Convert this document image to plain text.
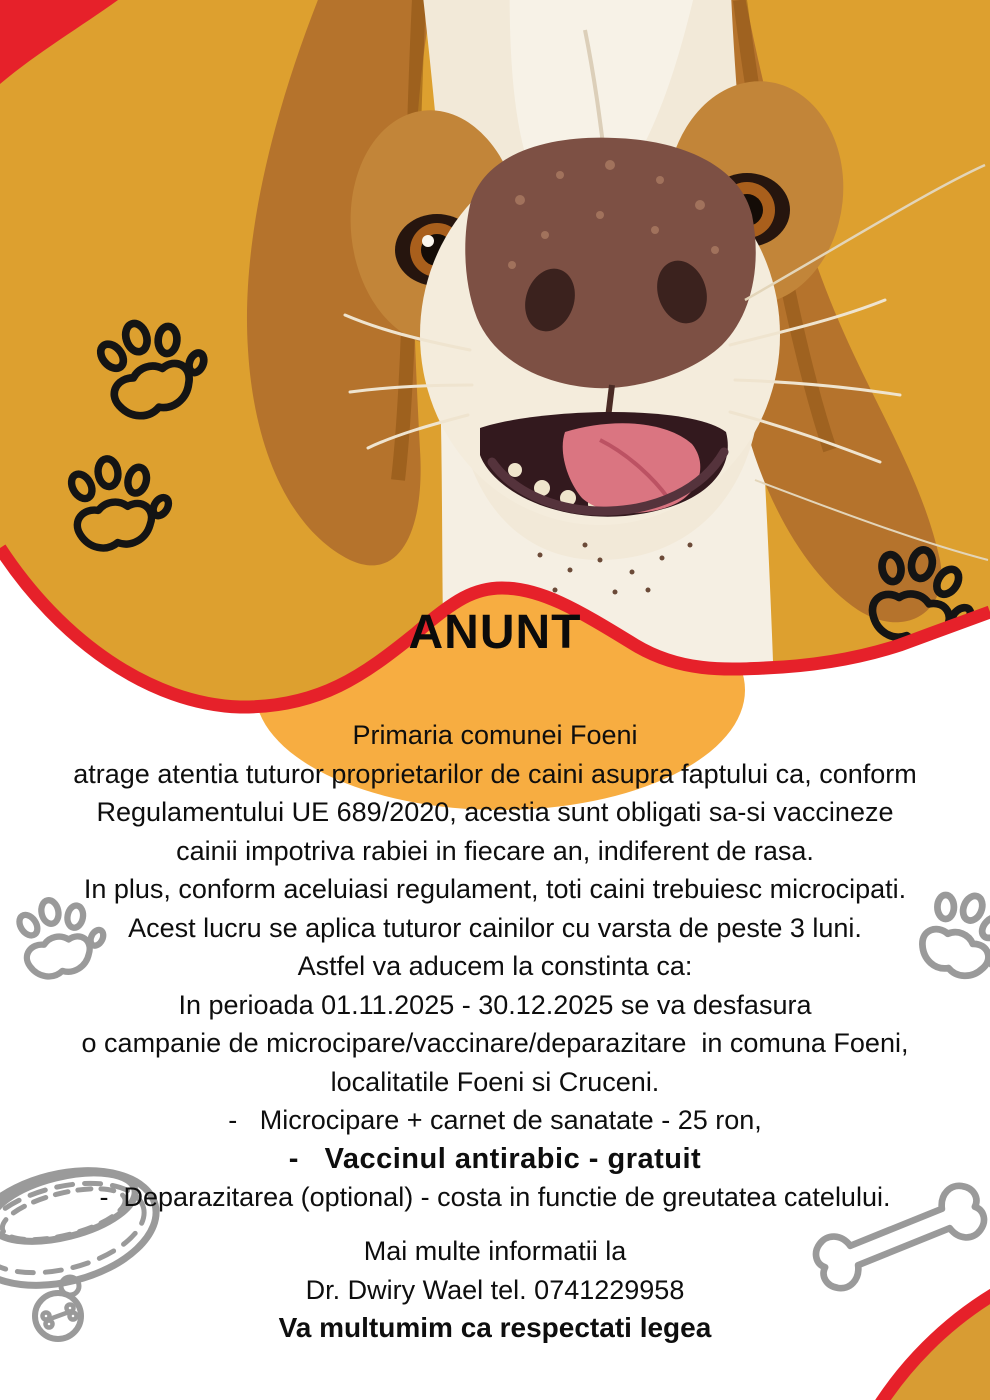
ANUNT
Primaria comunei Foeni
atrage atentia tuturor proprietarilor de caini asupra faptului ca, conform
Regulamentului UE 689/2020, acestia sunt obligati sa-si vaccineze
cainii impotriva rabiei in fiecare an, indiferent de rasa.
In plus, conform aceluiasi regulament, toti caini trebuiesc microcipati.
Acest lucru se aplica tuturor cainilor cu varsta de peste 3 luni.
Astfel va aducem la constinta ca:
In perioada 01.11.2025 - 30.12.2025 se va desfasura
o campanie de microcipare/vaccinare/deparazitare  in comuna Foeni,
localitatile Foeni si Cruceni.
-   Microcipare + carnet de sanatate - 25 ron,
-   Vaccinul antirabic - gratuit
-  Deparazitarea (optional) - costa in functie de greutatea catelului.
Mai multe informatii la
Dr. Dwiry Wael tel. 0741229958
Va multumim ca respectati legea
